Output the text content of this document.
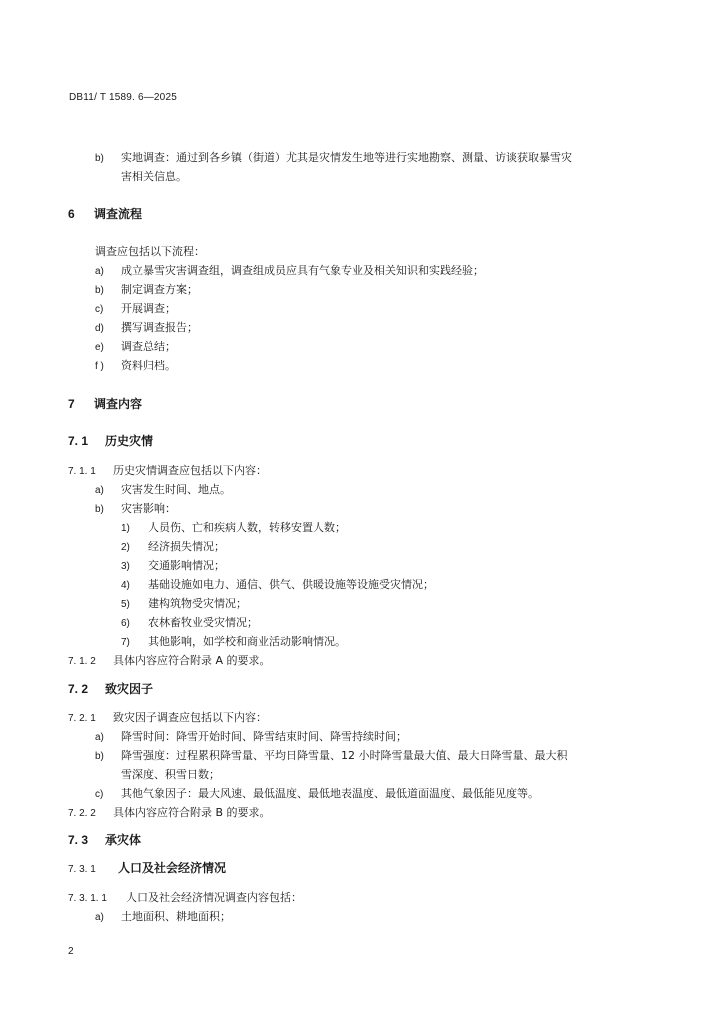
DB11/ T 1589. 6—2025
b) 实地调查：通过到各乡镇（街道）尤其是灾情发生地等进行实地勘察、测量、访谈获取暴雪灾
害相关信息。
6 调查流程
调查应包括以下流程：
a) 成立暴雪灾害调查组，调查组成员应具有气象专业及相关知识和实践经验；
b) 制定调查方案；
c) 开展调查；
d) 撰写调查报告；
e) 调查总结；
f ) 资料归档。
7 调查内容
7. 1 历史灾情
7. 1. 1 历史灾情调查应包括以下内容：
a) 灾害发生时间、地点。
b) 灾害影响：
1) 人员伤、亡和疾病人数，转移安置人数；
2) 经济损失情况；
3) 交通影响情况；
4) 基础设施如电力、通信、供气、供暖设施等设施受灾情况；
5) 建构筑物受灾情况；
6) 农林畜牧业受灾情况；
7) 其他影响，如学校和商业活动影响情况。
7. 1. 2 具体内容应符合附录 A 的要求。
7. 2 致灾因子
7. 2. 1 致灾因子调查应包括以下内容：
a) 降雪时间：降雪开始时间、降雪结束时间、降雪持续时间；
b) 降雪强度：过程累积降雪量、平均日降雪量、12 小时降雪量最大值、最大日降雪量、最大积
雪深度、积雪日数；
c) 其他气象因子：最大风速、最低温度、最低地表温度、最低道面温度、最低能见度等。
7. 2. 2 具体内容应符合附录 B 的要求。
7. 3 承灾体
7. 3. 1 人口及社会经济情况
7. 3. 1. 1 人口及社会经济情况调查内容包括：
a) 土地面积、耕地面积；
2
